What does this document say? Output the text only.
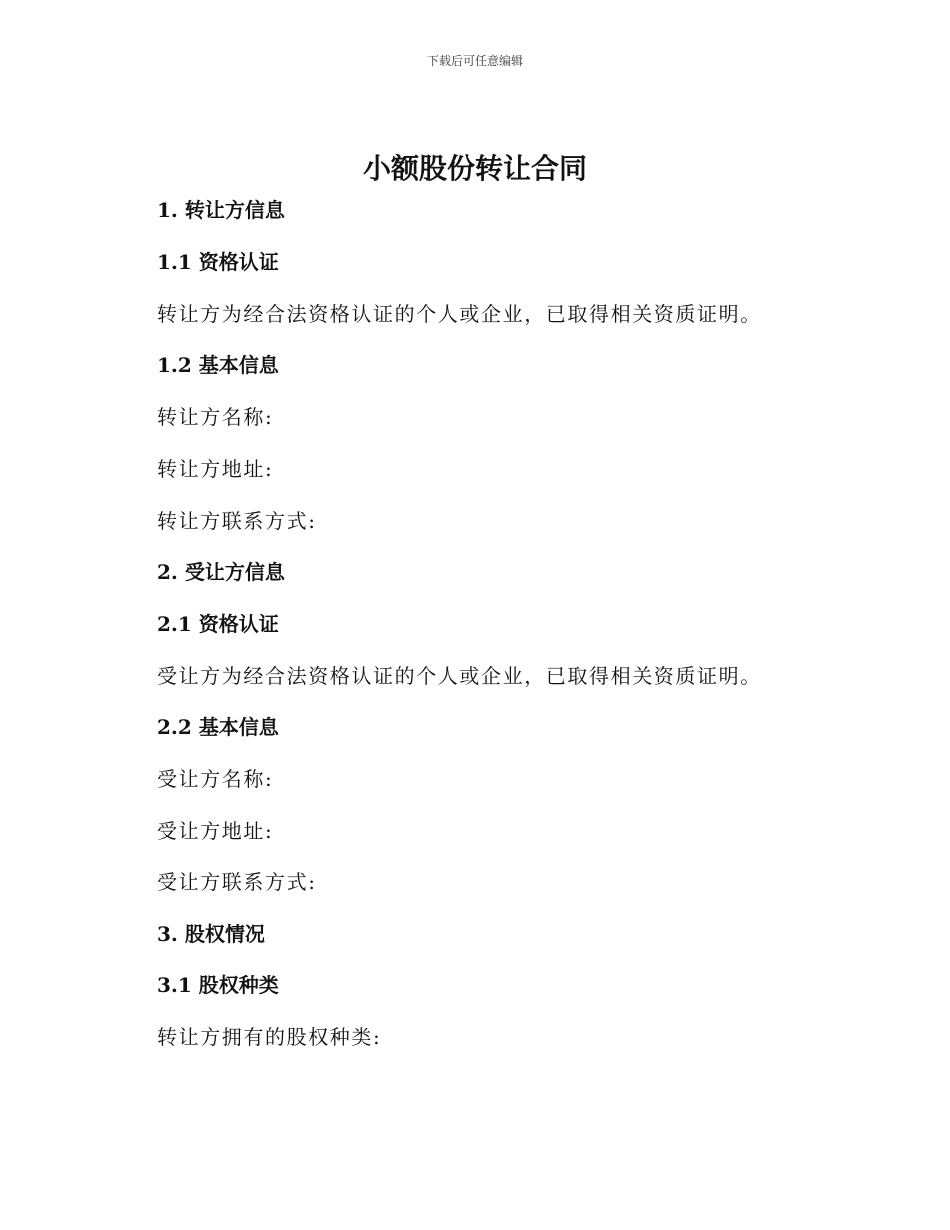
下载后可任意编辑
小额股份转让合同
1. 转让方信息
1.1 资格认证
转让方为经合法资格认证的个人或企业，已取得相关资质证明。
1.2 基本信息
转让方名称:
转让方地址:
转让方联系方式:
2. 受让方信息
2.1 资格认证
受让方为经合法资格认证的个人或企业，已取得相关资质证明。
2.2 基本信息
受让方名称:
受让方地址:
受让方联系方式:
3. 股权情况
3.1 股权种类
转让方拥有的股权种类:
